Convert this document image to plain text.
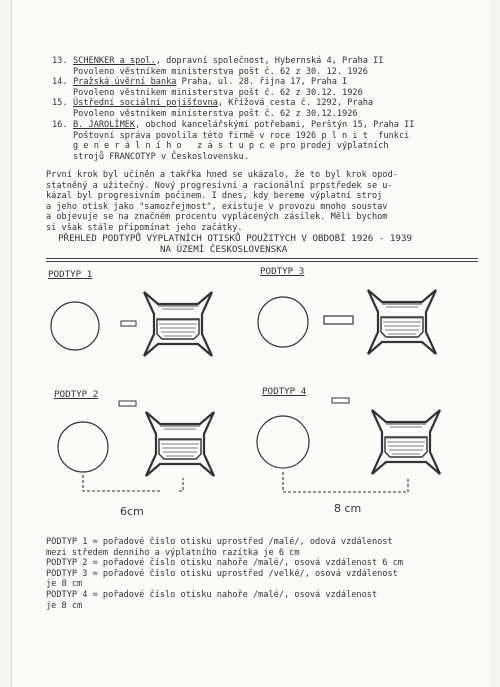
13. SCHENKER a spol., dopravní společnost, Hybernská 4, Praha II
Povoleno věstníkem ministerstva pošt č. 62 z 30. 12. 1926
14. Pražská úvěrní banka Praha, ul. 28. října 17, Praha I
Povoleno věstníkem ministerstva pošt č. 62 z 30.12. 1926
15. Ústřední sociální pojišťovna, Křížová cesta č. 1292, Praha
Povoleno věstníkem ministerstva pošt č. 62 z 30.12.1926
16. B. JAROLÍMEK, obchod kancelářskými potřebami, Perštýn 15, Praha II
Poštovní správa povolila této firmě v roce 1926 p l n i t  funkci
g e n e r á l n í h o   z á s t u p c e pro prodej výplatních
strojů FRANCOTYP v Československu.
První krok byl učiněn a takřka hned se ukázalo, že to byl krok opod-
statněný a užitečný. Nový progresivní a racionální prpstředek se u-
kázal byl progresivním počinem. I dnes, kdy bereme výplatní stroj
a jeho otisk jako "samozřejmost", existuje v provozu mnoho soustav
a objevuje se na značném procentu vyplácených zásilek. Měli bychom
si však stále připomínat jeho začátky.
PŘEHLED PODTYPŮ VÝPLATNÍCH OTISKŮ POUŽITÝCH V OBDOBÍ 1926 - 1939
NA ÚZEMÍ ČESKOSLOVENSKA
PODTYP 1	PODTYP 3
PODTYP 2	PODTYP 4
6cm	8 cm
PODTYP 1 = pořadové číslo otisku uprostřed /malé/, odová vzdálenost
mezi středem denního a výplatního razítka je 6 cm
PODTYP 2 = pořadové číslo otisku nahoře /malé/, osová vzdálenost 6 cm
PODTYP 3 = pořadové číslo otisku uprostřed /velké/, osová vzdálenost
je 8 cm
PODTYP 4 = pořadové číslo otisku nahoře /malé/, osová vzdálenost
je 8 cm
